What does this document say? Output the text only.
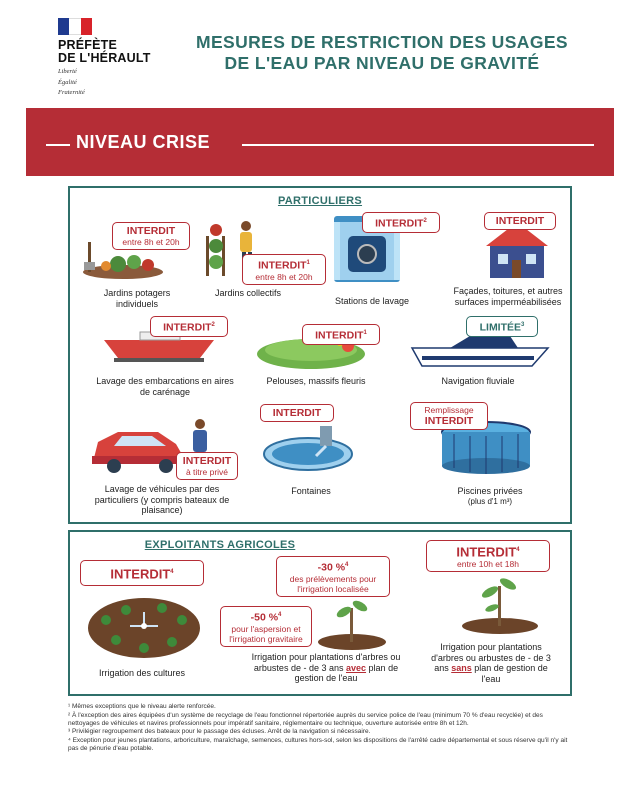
PRÉFÈTE
DE L'HÉRAULT
Liberté
Égalité
Fraternité
MESURES DE RESTRICTION DES USAGES
DE L'EAU PAR NIVEAU DE GRAVITÉ
NIVEAU CRISE
PARTICULIERS
INTERDIT
entre 8h et 20h
Jardins potagers individuels
INTERDIT$^1$
entre 8h et 20h
Jardins collectifs
INTERDIT$^2$
Stations de lavage
INTERDIT
Façades, toitures, et autres surfaces imperméabilisées
INTERDIT$^2$
Lavage des embarcations en aires de carénage
INTERDIT$^1$
Pelouses, massifs fleuris
LIMITÉE$^3$
Navigation fluviale
INTERDIT
à titre privé
Lavage de véhicules par des particuliers (y compris bateaux de plaisance)
INTERDIT
Fontaines
Remplissage
INTERDIT
Piscines privées
(plus d'1 m³)
EXPLOITANTS AGRICOLES
INTERDIT$^4$
Irrigation des cultures
-30 %$^4$
des prélèvements pour l'irrigation localisée
-50 %$^4$
pour l'aspersion et l'irrigation gravitaire
Irrigation pour plantations d'arbres ou arbustes de - de 3 ans avec plan de gestion de l'eau
INTERDIT$^4$
entre 10h et 18h
Irrigation pour plantations d'arbres ou arbustes de - de 3 ans sans plan de gestion de l'eau

¹ Mêmes exceptions que le niveau alerte renforcée.

² À l'exception des aires équipées d'un système de recyclage de l'eau fonctionnel répertoriée auprès du service police de l'eau (minimum 70 % d'eau recyclée) et des nettoyages de véhicules et navires professionnels pour impératif sanitaire, réglementaire ou technique, ouverture autorisée entre 8h et 12h.

³ Privilégier regroupement des bateaux pour le passage des écluses. Arrêt de la navigation si nécessaire.

⁴ Exception pour jeunes plantations, arboriculture, maraîchage, semences, cultures hors-sol, selon les dispositions de l'arrêté cadre départemental et sous réserve qu'il n'y ait pas de pénurie d'eau potable.
